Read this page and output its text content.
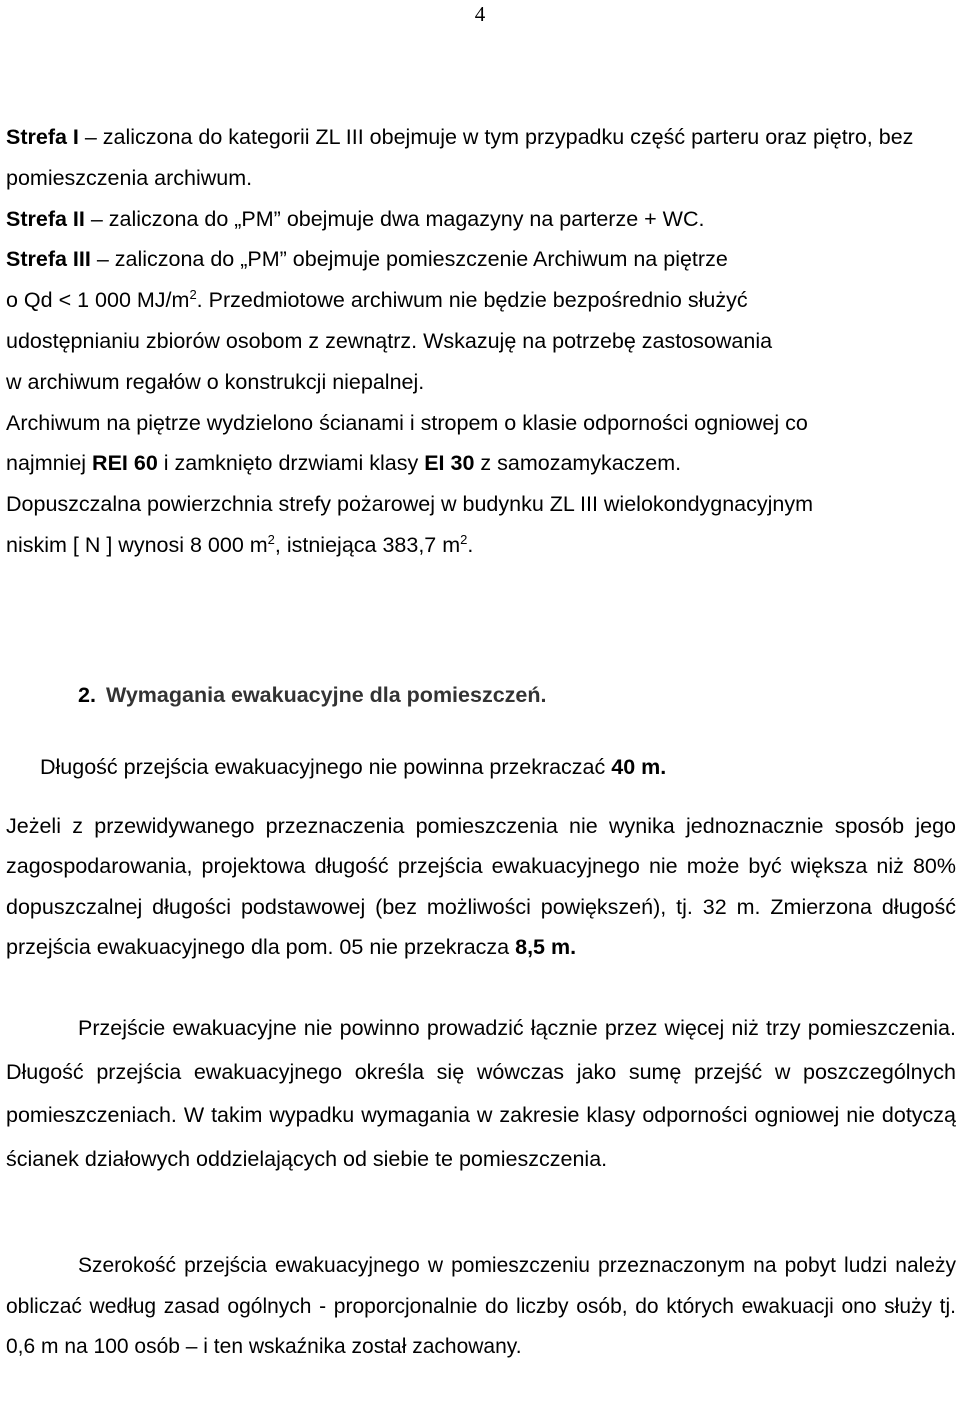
4
Strefa I – zaliczona do kategorii ZL III obejmuje w tym przypadku część parteru oraz piętro, bez pomieszczenia archiwum.
Strefa II – zaliczona do „PM” obejmuje dwa magazyny na parterze + WC.
Strefa III – zaliczona do „PM” obejmuje pomieszczenie Archiwum na piętrze
o Qd < 1 000 $MJ/m^2$. Przedmiotowe archiwum nie będzie bezpośrednio służyć
udostępnianiu zbiorów osobom z zewnątrz. Wskazuję na potrzebę zastosowania
w archiwum regałów o konstrukcji niepalnej.
Archiwum na piętrze wydzielono ścianami i stropem o klasie odporności ogniowej co
najmniej REI 60 i zamknięto drzwiami klasy EI 30 z samozamykaczem.
Dopuszczalna powierzchnia strefy pożarowej w budynku ZL III wielokondygnacyjnym
niskim [ N ] wynosi 8 000 $m^2$, istniejąca 383,7 $m^2$.
2. Wymagania ewakuacyjne dla pomieszczeń.
Długość przejścia ewakuacyjnego nie powinna przekraczać 40 m.
Jeżeli z przewidywanego przeznaczenia pomieszczenia nie wynika jednoznacznie sposób jego zagospodarowania, projektowa długość przejścia ewakuacyjnego nie może być większa niż 80% dopuszczalnej długości podstawowej (bez możliwości powiększeń), tj. 32 m. Zmierzona długość przejścia ewakuacyjnego dla pom. 05 nie przekracza 8,5 m.
Przejście ewakuacyjne nie powinno prowadzić łącznie przez więcej niż trzy pomieszczenia. Długość przejścia ewakuacyjnego określa się wówczas jako sumę przejść w poszczególnych pomieszczeniach. W takim wypadku wymagania w zakresie klasy odporności ogniowej nie dotyczą ścianek działowych oddzielających od siebie te pomieszczenia.
Szerokość przejścia ewakuacyjnego w pomieszczeniu przeznaczonym na pobyt ludzi należy obliczać według zasad ogólnych - proporcjonalnie do liczby osób, do których ewakuacji ono służy tj. 0,6 m na 100 osób – i ten wskaźnika został zachowany.
